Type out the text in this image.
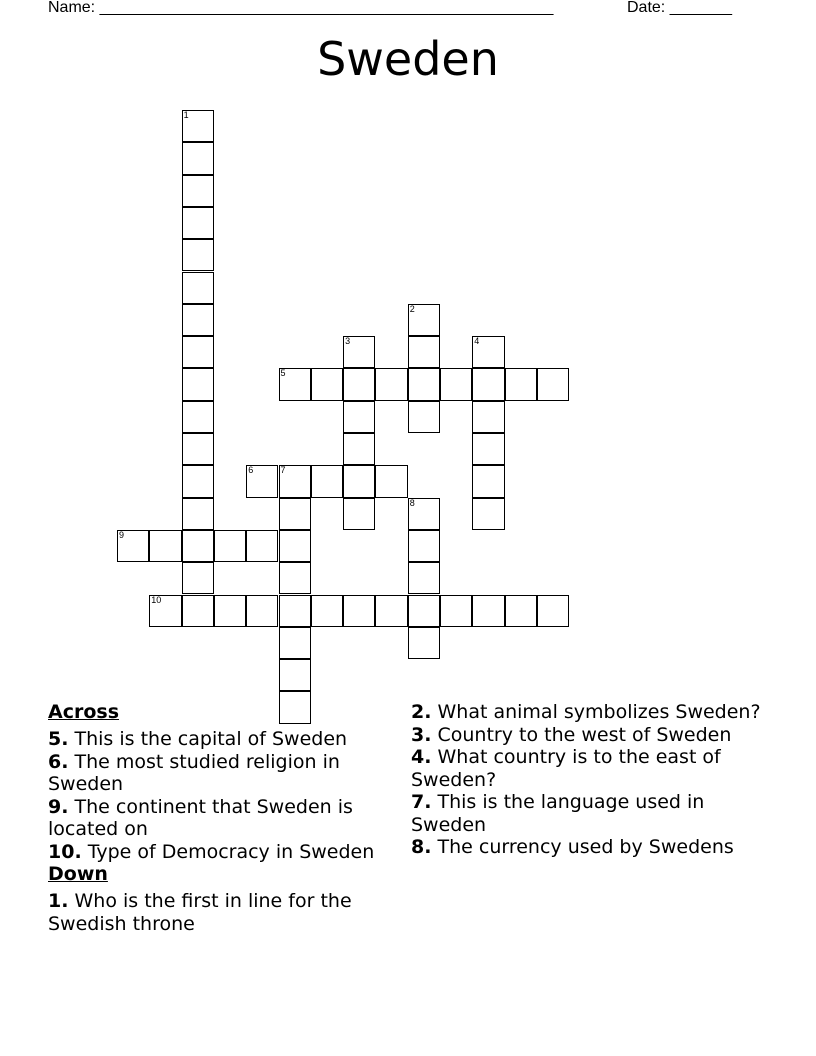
Name: ___________________________________________________	Date: _______
Sweden
1
2
3	4
5
6	7
8
9
10
Across
5. This is the capital of Sweden
6. The most studied religion in Sweden
9. The continent that Sweden is located on
10. Type of Democracy in Sweden
Down
1. Who is the first in line for the Swedish throne
2. What animal symbolizes Sweden?
3. Country to the west of Sweden
4. What country is to the east of Sweden?
7. This is the language used in Sweden
8. The currency used by Swedens
